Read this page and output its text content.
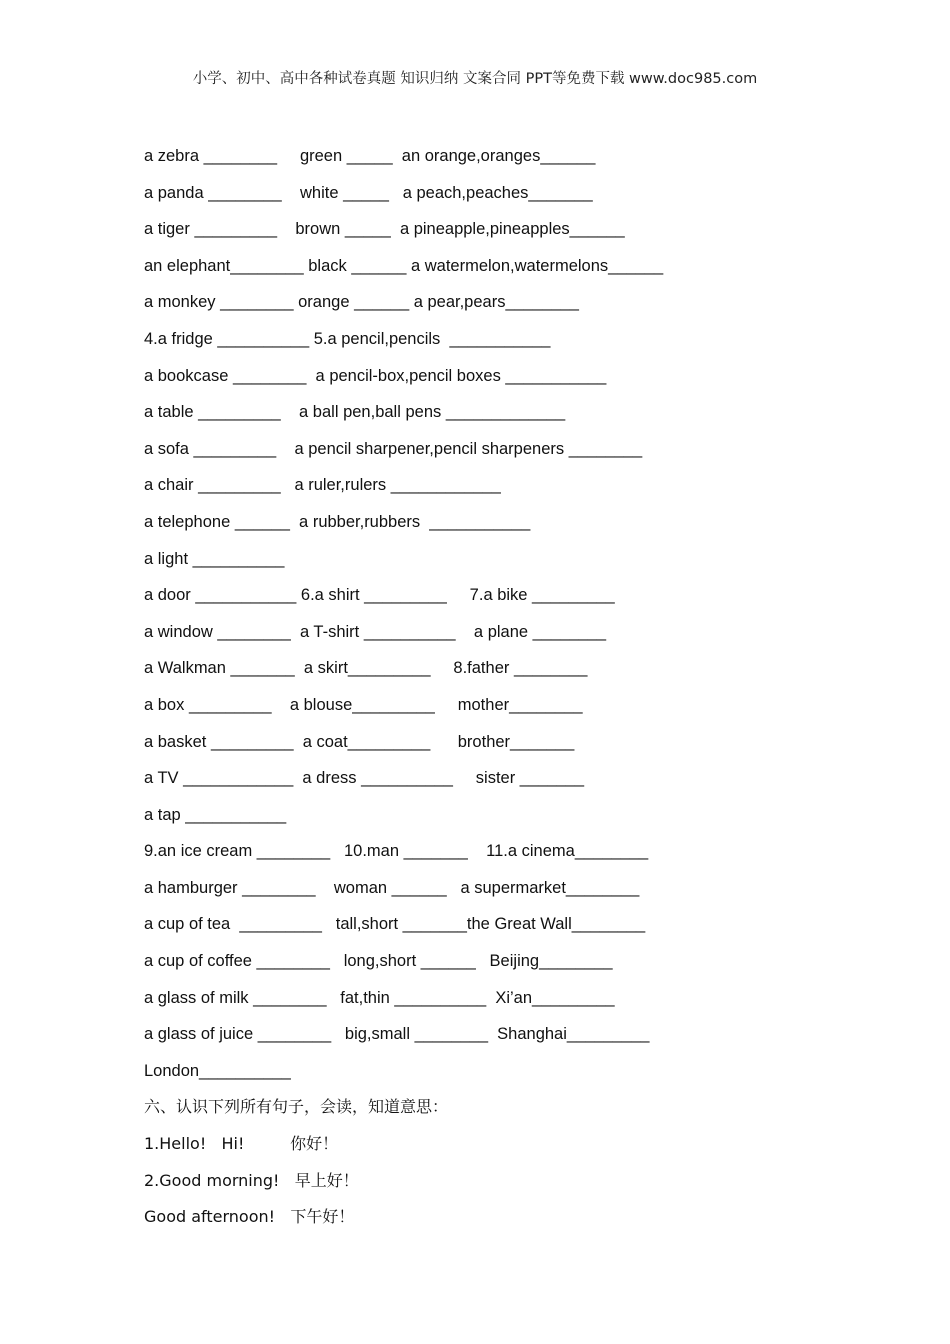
小学、初中、高中各种试卷真题 知识归纳 文案合同 PPT等免费下载 www.doc985.com
a zebra ________     green _____  an orange,oranges______
a panda ________    white _____   a peach,peaches_______
a tiger _________    brown _____  a pineapple,pineapples______
an elephant________ black ______ a watermelon,watermelons______
a monkey ________ orange ______ a pear,pears________
4.a fridge __________ 5.a pencil,pencils  ___________
a bookcase ________  a pencil-box,pencil boxes ___________
a table _________    a ball pen,ball pens _____________
a sofa _________    a pencil sharpener,pencil sharpeners ________
a chair _________   a ruler,rulers ____________
a telephone ______  a rubber,rubbers  ___________
a light __________
a door ___________ 6.a shirt _________     7.a bike _________
a window ________  a T-shirt __________    a plane ________
a Walkman _______  a skirt_________     8.father ________
a box _________    a blouse_________     mother________
a basket _________  a coat_________      brother_______
a TV ____________  a dress __________     sister _______
a tap ___________
9.an ice cream ________   10.man _______    11.a cinema________
a hamburger ________    woman ______   a supermarket________
a cup of tea  _________   tall,short _______the Great Wall________
a cup of coffee ________   long,short ______   Beijing________
a glass of milk ________   fat,thin __________  Xi’an_________
a glass of juice ________   big,small ________  Shanghai_________
London__________
六、认识下列所有句子，会读，知道意思：
1.Hello!   Hi!         你好！
2.Good morning!   早上好！
Good afternoon!   下午好！
